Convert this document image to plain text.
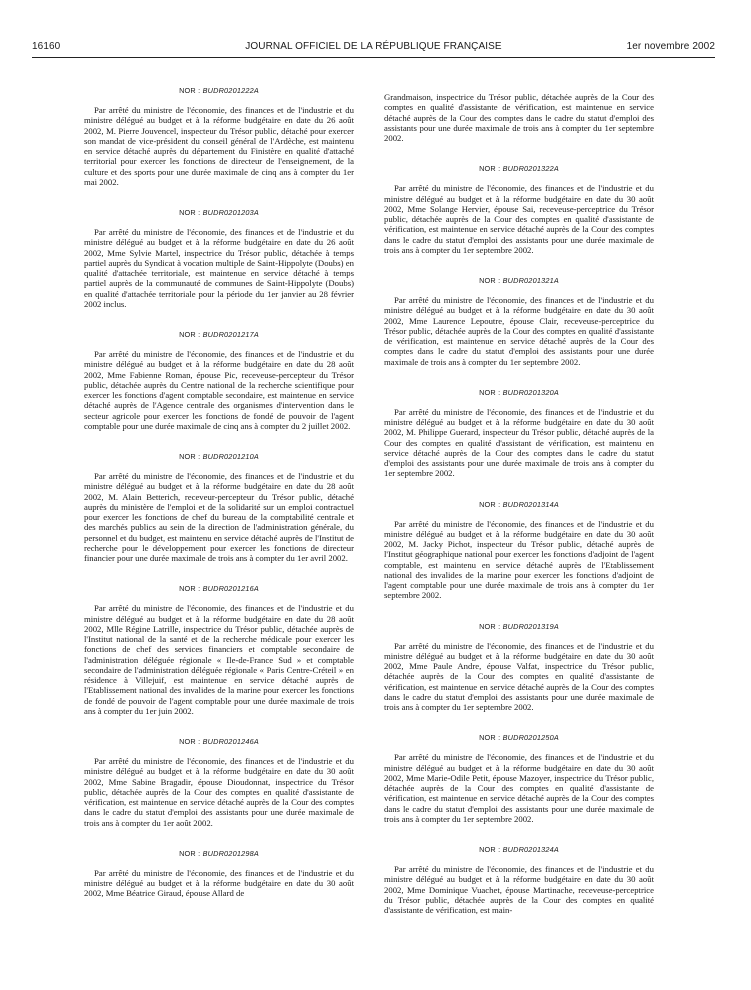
16160	JOURNAL OFFICIEL DE LA RÉPUBLIQUE FRANÇAISE	1er novembre 2002
NOR : BUDR0201222A

Par arrêté du ministre de l'économie, des finances et de l'industrie et du ministre délégué au budget et à la réforme budgétaire en date du 26 août 2002, M. Pierre Jouvencel, inspecteur du Trésor public, détaché pour exercer son mandat de vice-président du conseil général de l'Ardèche, est maintenu en service détaché auprès du département du Finistère en qualité d'attaché territorial pour exercer les fonctions de directeur de l'enseignement, de la culture et des sports pour une durée maximale de cinq ans à compter du 1er mai 2002.

NOR : BUDR0201203A

Par arrêté du ministre de l'économie, des finances et de l'industrie et du ministre délégué au budget et à la réforme budgétaire en date du 26 août 2002, Mme Sylvie Martel, inspectrice du Trésor public, détachée à temps partiel auprès du Syndicat à vocation multiple de Saint-Hippolyte (Doubs) en qualité d'attachée territoriale, est maintenue en service détaché à temps partiel auprès de la communauté de communes de Saint-Hippolyte (Doubs) en qualité d'attachée territoriale pour la période du 1er janvier au 28 février 2002 inclus.

NOR : BUDR0201217A

Par arrêté du ministre de l'économie, des finances et de l'industrie et du ministre délégué au budget et à la réforme budgétaire en date du 28 août 2002, Mme Fabienne Roman, épouse Pic, receveuse-percepteur du Trésor public, détachée auprès du Centre national de la recherche scientifique pour exercer les fonctions d'agent comptable secondaire, est maintenue en service détaché auprès de l'Agence centrale des organismes d'intervention dans le secteur agricole pour exercer les fonctions de fondé de pouvoir de l'agent comptable pour une durée maximale de cinq ans à compter du 2 juillet 2002.

NOR : BUDR0201210A

Par arrêté du ministre de l'économie, des finances et de l'industrie et du ministre délégué au budget et à la réforme budgétaire en date du 28 août 2002, M. Alain Betterich, receveur-percepteur du Trésor public, détaché auprès du ministère de l'emploi et de la solidarité sur un emploi contractuel pour exercer les fonctions de chef du bureau de la comptabilité centrale et des marchés publics au sein de la direction de l'administration générale, du personnel et du budget, est maintenu en service détaché auprès de l'Institut de recherche pour le développement pour exercer les fonctions de directeur financier pour une durée maximale de trois ans à compter du 1er avril 2002.

NOR : BUDR0201216A

Par arrêté du ministre de l'économie, des finances et de l'industrie et du ministre délégué au budget et à la réforme budgétaire en date du 28 août 2002, Mlle Régine Latrille, inspectrice du Trésor public, détachée auprès de l'Institut national de la santé et de la recherche médicale pour exercer les fonctions de chef des services financiers et comptable secondaire de l'administration déléguée régionale « Ile-de-France Sud » et comptable secondaire de l'administration déléguée régionale « Paris Centre-Créteil » en résidence à Villejuif, est maintenue en service détaché auprès de l'Etablissement national des invalides de la marine pour exercer les fonctions de fondé de pouvoir de l'agent comptable pour une durée maximale de trois ans à compter du 1er juin 2002.

NOR : BUDR0201246A

Par arrêté du ministre de l'économie, des finances et de l'industrie et du ministre délégué au budget et à la réforme budgétaire en date du 30 août 2002, Mme Sabine Bragadir, épouse Dioudonnat, inspectrice du Trésor public, détachée auprès de la Cour des comptes en qualité d'assistante de vérification, est maintenue en service détaché auprès de la Cour des comptes dans le cadre du statut d'emploi des assistants pour une durée maximale de trois ans à compter du 1er août 2002.

NOR : BUDR0201298A

Par arrêté du ministre de l'économie, des finances et de l'industrie et du ministre délégué au budget et à la réforme budgétaire en date du 30 août 2002, Mme Béatrice Giraud, épouse Allard de

Grandmaison, inspectrice du Trésor public, détachée auprès de la Cour des comptes en qualité d'assistante de vérification, est maintenue en service détaché auprès de la Cour des comptes dans le cadre du statut d'emploi des assistants pour une durée maximale de trois ans à compter du 1er septembre 2002.

NOR : BUDR0201322A

Par arrêté du ministre de l'économie, des finances et de l'industrie et du ministre délégué au budget et à la réforme budgétaire en date du 30 août 2002, Mme Solange Hervier, épouse Sai, receveuse-perceptrice du Trésor public, détachée auprès de la Cour des comptes en qualité d'assistante de vérification, est maintenue en service détaché auprès de la Cour des comptes dans le cadre du statut d'emploi des assistants pour une durée maximale de trois ans à compter du 1er septembre 2002.

NOR : BUDR0201321A

Par arrêté du ministre de l'économie, des finances et de l'industrie et du ministre délégué au budget et à la réforme budgétaire en date du 30 août 2002, Mme Laurence Lepoutre, épouse Clair, receveuse-perceptrice du Trésor public, détachée auprès de la Cour des comptes en qualité d'assistante de vérification, est maintenue en service détaché auprès de la Cour des comptes dans le cadre du statut d'emploi des assistants pour une durée maximale de trois ans à compter du 1er septembre 2002.

NOR : BUDR0201320A

Par arrêté du ministre de l'économie, des finances et de l'industrie et du ministre délégué au budget et à la réforme budgétaire en date du 30 août 2002, M. Philippe Guerard, inspecteur du Trésor public, détaché auprès de la Cour des comptes en qualité d'assistant de vérification, est maintenu en service détaché auprès de la Cour des comptes dans le cadre du statut d'emploi des assistants pour une durée maximale de trois ans à compter du 1er septembre 2002.

NOR : BUDR0201314A

Par arrêté du ministre de l'économie, des finances et de l'industrie et du ministre délégué au budget et à la réforme budgétaire en date du 30 août 2002, M. Jacky Pichot, inspecteur du Trésor public, détaché auprès de l'Institut géographique national pour exercer les fonctions d'adjoint de l'agent comptable, est maintenu en service détaché auprès de l'Etablissement national des invalides de la marine pour exercer les fonctions d'adjoint de l'agent comptable pour une durée maximale de trois ans à compter du 1er septembre 2002.

NOR : BUDR0201319A

Par arrêté du ministre de l'économie, des finances et de l'industrie et du ministre délégué au budget et à la réforme budgétaire en date du 30 août 2002, Mme Paule Andre, épouse Valfat, inspectrice du Trésor public, détachée auprès de la Cour des comptes en qualité d'assistante de vérification, est maintenue en service détaché auprès de la Cour des comptes dans le cadre du statut d'emploi des assistants pour une durée maximale de trois ans à compter du 1er septembre 2002.

NOR : BUDR0201250A

Par arrêté du ministre de l'économie, des finances et de l'industrie et du ministre délégué au budget et à la réforme budgétaire en date du 30 août 2002, Mme Marie-Odile Petit, épouse Mazoyer, inspectrice du Trésor public, détachée auprès de la Cour des comptes en qualité d'assistante de vérification, est maintenue en service détaché auprès de la Cour des comptes dans le cadre du statut d'emploi des assistants pour une durée maximale de trois ans à compter du 1er septembre 2002.

NOR : BUDR0201324A

Par arrêté du ministre de l'économie, des finances et de l'industrie et du ministre délégué au budget et à la réforme budgétaire en date du 30 août 2002, Mme Dominique Vuachet, épouse Martinache, receveuse-perceptrice du Trésor public, détachée auprès de la Cour des comptes en qualité d'assistante de vérification, est main-
